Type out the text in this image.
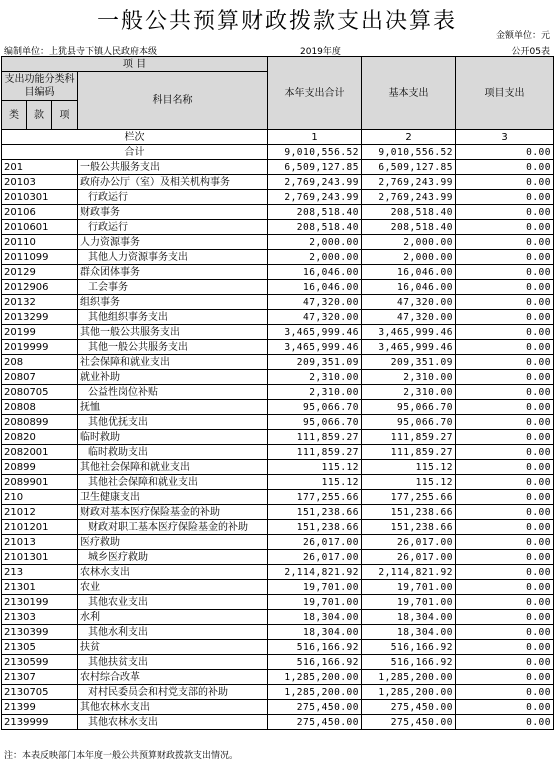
一般公共预算财政拨款支出决算表
金额单位：元
编制单位：上犹县寺下镇人民政府本级	2019年度	公开05表
项 目				本年支出合计	基本支出	项目支出
支出功能分类科目编码			科目名称			
类	款	项				
栏次				1	2	3
合计				9,010,556.52	9,010,556.52	0.00
201			一般公共服务支出	6,509,127.85	6,509,127.85	0.00
20103			政府办公厅（室）及相关机构事务	2,769,243.99	2,769,243.99	0.00
2010301			行政运行	2,769,243.99	2,769,243.99	0.00
20106			财政事务	208,518.40	208,518.40	0.00
2010601			行政运行	208,518.40	208,518.40	0.00
20110			人力资源事务	2,000.00	2,000.00	0.00
2011099			其他人力资源事务支出	2,000.00	2,000.00	0.00
20129			群众团体事务	16,046.00	16,046.00	0.00
2012906			工会事务	16,046.00	16,046.00	0.00
20132			组织事务	47,320.00	47,320.00	0.00
2013299			其他组织事务支出	47,320.00	47,320.00	0.00
20199			其他一般公共服务支出	3,465,999.46	3,465,999.46	0.00
2019999			其他一般公共服务支出	3,465,999.46	3,465,999.46	0.00
208			社会保障和就业支出	209,351.09	209,351.09	0.00
20807			就业补助	2,310.00	2,310.00	0.00
2080705			公益性岗位补贴	2,310.00	2,310.00	0.00
20808			抚恤	95,066.70	95,066.70	0.00
2080899			其他优抚支出	95,066.70	95,066.70	0.00
20820			临时救助	111,859.27	111,859.27	0.00
2082001			临时救助支出	111,859.27	111,859.27	0.00
20899			其他社会保障和就业支出	115.12	115.12	0.00
2089901			其他社会保障和就业支出	115.12	115.12	0.00
210			卫生健康支出	177,255.66	177,255.66	0.00
21012			财政对基本医疗保险基金的补助	151,238.66	151,238.66	0.00
2101201			财政对职工基本医疗保险基金的补助	151,238.66	151,238.66	0.00
21013			医疗救助	26,017.00	26,017.00	0.00
2101301			城乡医疗救助	26,017.00	26,017.00	0.00
213			农林水支出	2,114,821.92	2,114,821.92	0.00
21301			农业	19,701.00	19,701.00	0.00
2130199			其他农业支出	19,701.00	19,701.00	0.00
21303			水利	18,304.00	18,304.00	0.00
2130399			其他水利支出	18,304.00	18,304.00	0.00
21305			扶贫	516,166.92	516,166.92	0.00
2130599			其他扶贫支出	516,166.92	516,166.92	0.00
21307			农村综合改革	1,285,200.00	1,285,200.00	0.00
2130705			对村民委员会和村党支部的补助	1,285,200.00	1,285,200.00	0.00
21399			其他农林水支出	275,450.00	275,450.00	0.00
2139999			其他农林水支出	275,450.00	275,450.00	0.00
注：本表反映部门本年度一般公共预算财政拨款支出情况。
